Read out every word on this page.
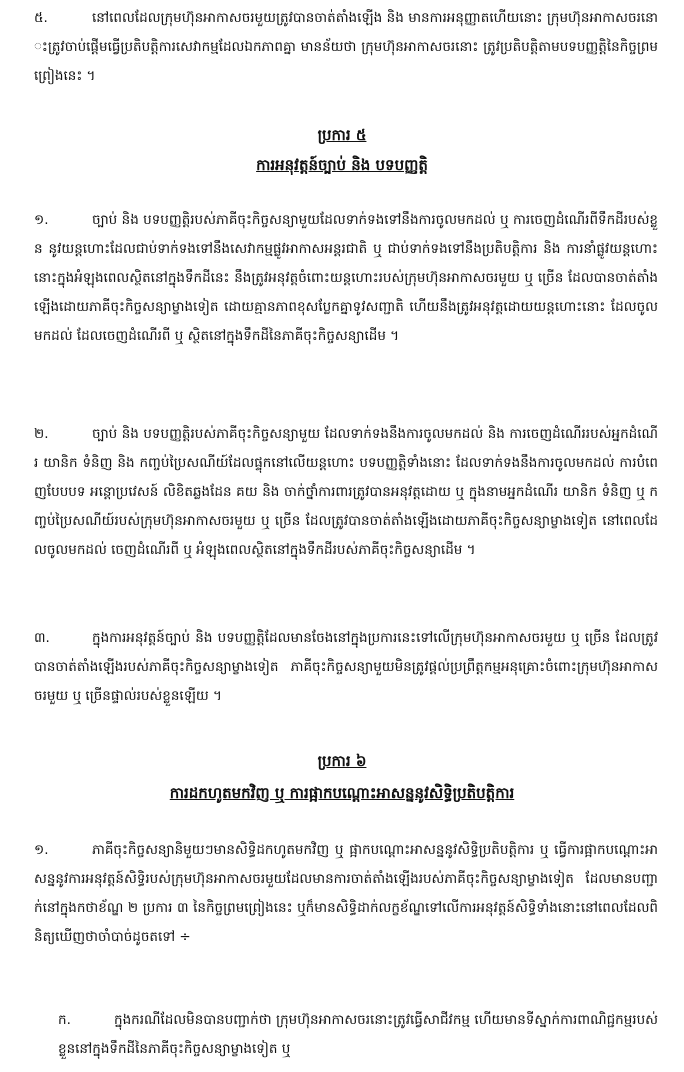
៥.	នៅពេលដែលក្រុមហ៊ុនអាកាសចរមួយត្រូវបានចាត់តាំងឡើង និង មានការអនុញ្ញាតហើយនោះ ក្រុមហ៊ុនអាកាសចរនោះត្រូវចាប់ផ្តើមធ្វើប្រតិបត្តិការសេវាកម្មដែលឯកភាពគ្នា មានន័យថា ក្រុមហ៊ុនអាកាសចរនោះ ត្រូវប្រតិបត្តិតាមបទបញ្ញត្តិនៃកិច្ចព្រមព្រៀងនេះ ។
ប្រការ ៥
ការអនុវត្តន៍ច្បាប់ និង បទបញ្ញត្តិ
១.	ច្បាប់ និង បទបញ្ញត្តិរបស់ភាគីចុះកិច្ចសន្យាមួយដែលទាក់ទងទៅនឹងការចូលមកដល់ ឬ ការចេញដំណើរពីទឹកដីរបស់ខ្លួន នូវយន្តហោះដែលជាប់ទាក់ទងទៅនឹងសេវាកម្មផ្លូវអាកាសអន្តរជាតិ ឬ ជាប់ទាក់ទងទៅនឹងប្រតិបត្តិការ និង ការនាំផ្លូវយន្តហោះនោះក្នុងអំឡុងពេលស្ថិតនៅក្នុងទឹកដីនេះ នឹងត្រូវអនុវត្តចំពោះយន្តហោះរបស់ក្រុមហ៊ុនអាកាសចរមួយ ឬ ច្រើន ដែលបានចាត់តាំងឡើងដោយភាគីចុះកិច្ចសន្យាម្ខាងទៀត ដោយគ្មានភាពខុសប្លែកគ្នាទូវសញ្ជាតិ ហើយនឹងត្រូវអនុវត្តដោយយន្តហោះនោះ ដែលចូលមកដល់ ដែលចេញដំណើរពី ឬ ស្ថិតនៅក្នុងទឹកដីនៃភាគីចុះកិច្ចសន្យាដើម ។
២.	ច្បាប់ និង បទបញ្ញត្តិរបស់ភាគីចុះកិច្ចសន្យាមួយ ដែលទាក់ទងនឹងការចូលមកដល់ និង ការចេញដំណើររបស់អ្នកដំណើរ យានិក ទំនិញ និង កញ្ចប់ប្រៃសណីយ៍ដែលផ្ទុកនៅលើយន្តហោះ បទបញ្ញត្តិទាំងនោះ ដែលទាក់ទងនឹងការចូលមកដល់ ការបំពេញបែបបទ អន្តោប្រវេសន៍ លិខិតឆ្លងដែន គយ និង ចាក់ថ្នាំការពារត្រូវបានអនុវត្តដោយ ឬ ក្នុងនាមអ្នកដំណើរ យានិក ទំនិញ ឬ កញ្ចប់ប្រៃសណីយ៍របស់ក្រុមហ៊ុនអាកាសចរមួយ ឬ ច្រើន ដែលត្រូវបានចាត់តាំងឡើងដោយភាគីចុះកិច្ចសន្យាម្ខាងទៀត នៅពេលដែលចូលមកដល់ ចេញដំណើរពី ឬ អំឡុងពេលស្ថិតនៅក្នុងទឹកដីរបស់ភាគីចុះកិច្ចសន្យាដើម ។
៣.	ក្នុងការអនុវត្តន៍ច្បាប់ និង បទបញ្ញត្តិដែលមានចែងនៅក្នុងប្រការនេះទៅលើក្រុមហ៊ុនអាកាសចរមួយ ឬ ច្រើន ដែលត្រូវបានចាត់តាំងឡើងរបស់ភាគីចុះកិច្ចសន្យាម្ខាងទៀត ភាគីចុះកិច្ចសន្យាមួយមិនត្រូវផ្តល់ប្រព្រឹត្តកម្មអនុគ្រោះចំពោះក្រុមហ៊ុនអាកាសចរមួយ ឬ ច្រើនផ្ទាល់របស់ខ្លួនឡើយ ។
ប្រការ ៦
ការដកហូតមកវិញ ឬ ការផ្អាកបណ្តោះអាសន្ននូវសិទ្ធិប្រតិបត្តិការ
១.	ភាគីចុះកិច្ចសន្យានិមួយៗមានសិទ្ធិដកហូតមកវិញ ឬ ផ្អាកបណ្តោះអាសន្ននូវសិទ្ធិប្រតិបត្តិការ ឬ ធ្វើការផ្អាកបណ្តោះអាសន្ននូវការអនុវត្តន៍សិទ្ធិរបស់ក្រុមហ៊ុនអាកាសចរមួយដែលមានការចាត់តាំងឡើងរបស់ភាគីចុះកិច្ចសន្យាម្ខាងទៀត ដែលមានបញ្ជាក់នៅក្នុងកថាខ័ណ្ឌ ២ ប្រការ ៣ នៃកិច្ចព្រមព្រៀងនេះ ឬក៏មានសិទ្ធិដាក់លក្ខខ័ណ្ឌទៅលើការអនុវត្តន៍សិទ្ធិទាំងនោះនៅពេលដែលពិនិត្យឃើញថាចាំបាច់ដូចតទៅ ÷
ក.	ក្នុងករណីដែលមិនបានបញ្ជាក់ថា ក្រុមហ៊ុនអាកាសចរនោះត្រូវធ្វើសាជីវកម្ម ហើយមានទីស្នាក់ការពាណិជ្ជកម្មរបស់ខ្លួននៅក្នុងទឹកដីនៃភាគីចុះកិច្ចសន្យាម្ខាងទៀត ឬ
